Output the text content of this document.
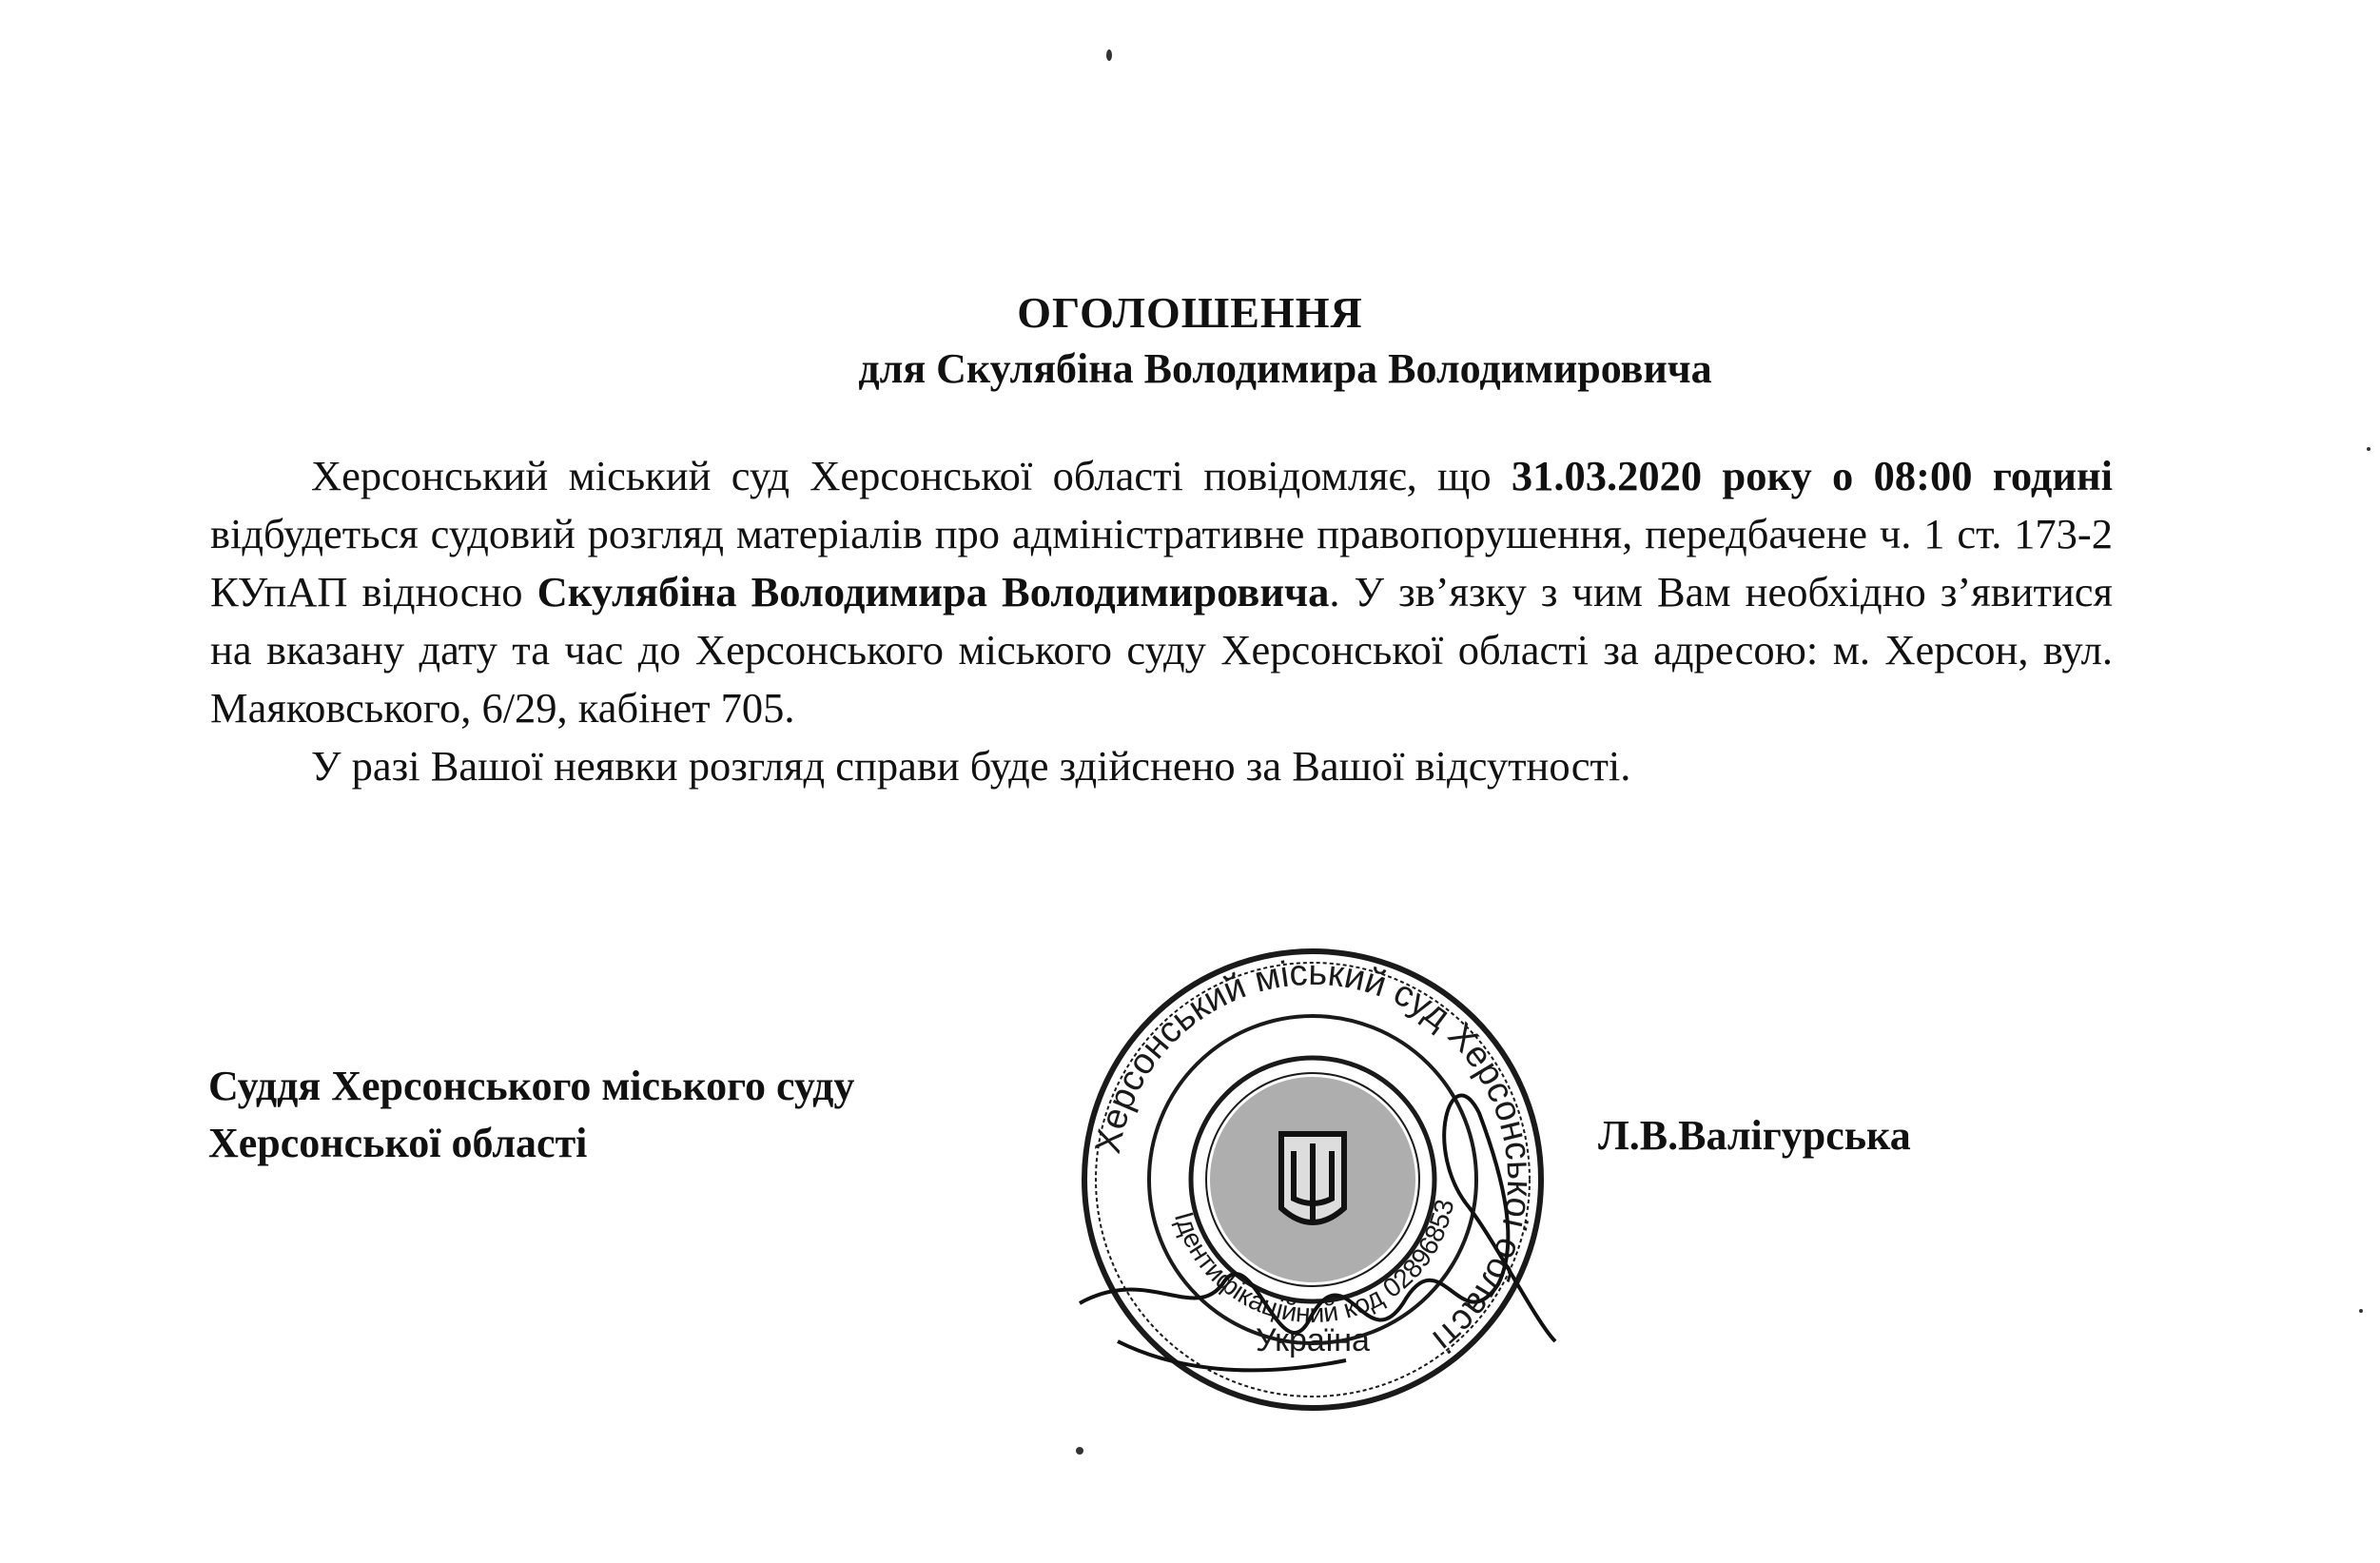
ОГОЛОШЕННЯ
для Скулябіна Володимира Володимировича

Херсонський міський суд Херсонської області повідомляє, що 31.03.2020 року о 08:00 годині відбудеться судовий розгляд матеріалів про адміністративне правопорушення, передбачене ч. 1 ст. 173-2 КУпАП відносно Скулябіна Володимира Володимировича. У зв’язку з чим Вам необхідно з’явитися на вказану дату та час до Херсонського міського суду Херсонської області за адресою: м. Херсон, вул. Маяковського, 6/29, кабінет 705.

У разі Вашої неявки розгляд справи буде здійснено за Вашої відсутності.

Суддя Херсонського міського суду
Херсонської області	Л.В.Валігурська
Херсонський міський суд Херсонської області
Ідентифікаційний код 02896853
Україна
